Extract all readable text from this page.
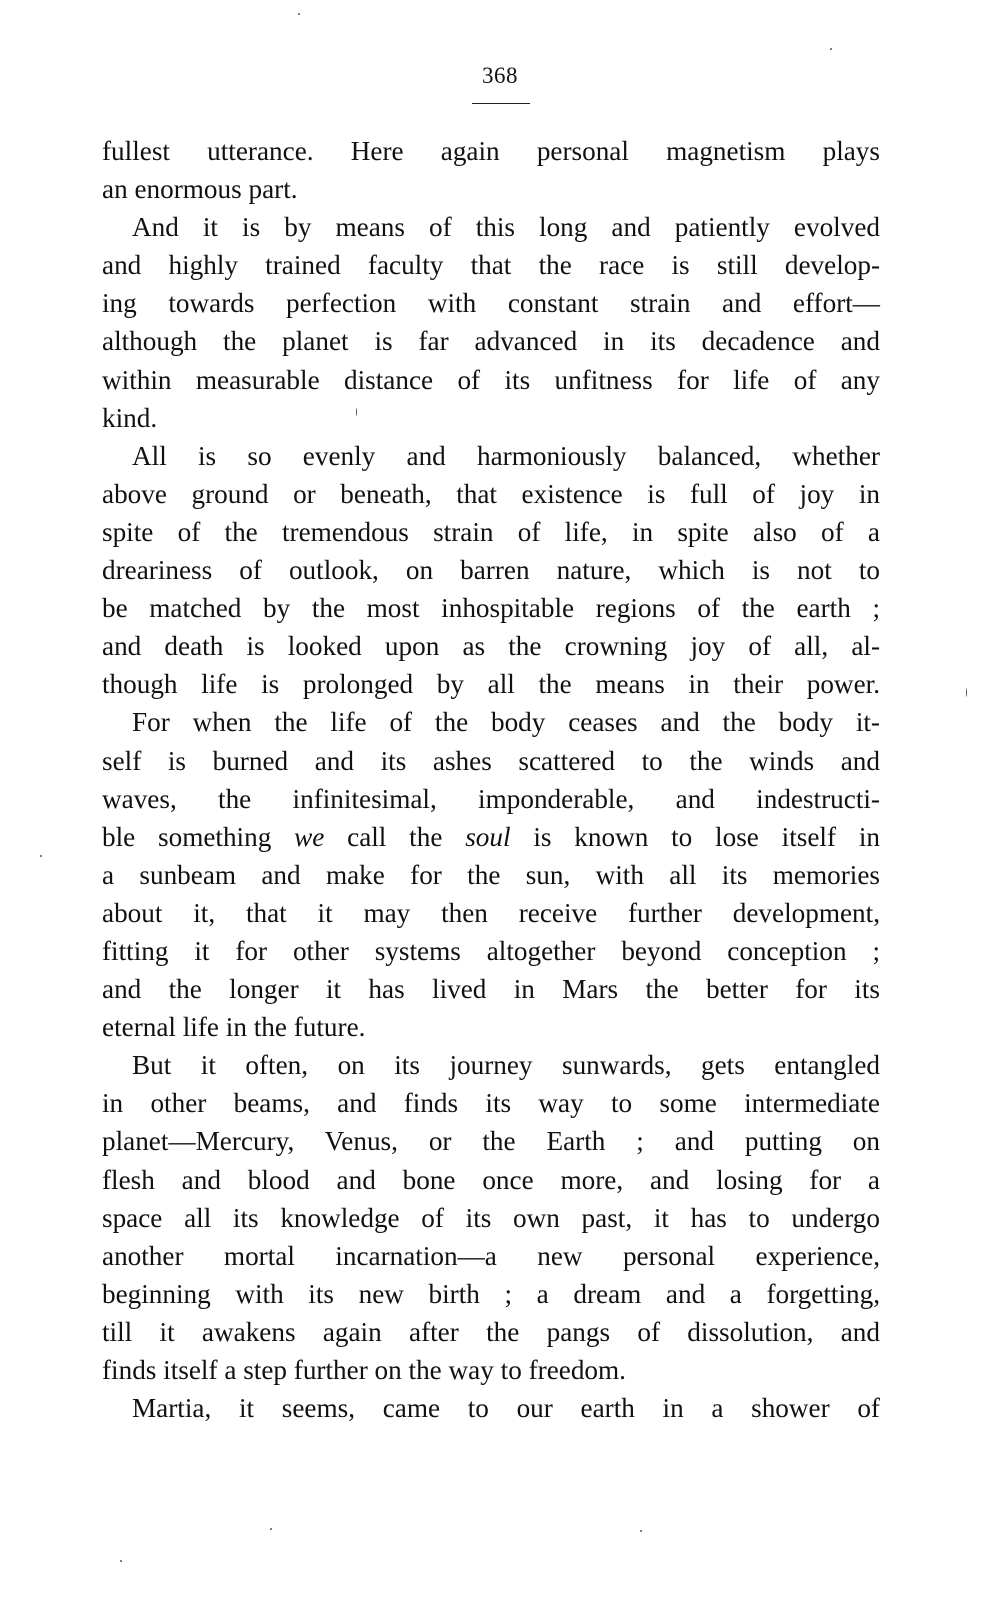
368

fullest utterance. Here again personal magnetism plays
an enormous part.

And it is by means of this long and patiently evolved
and highly trained faculty that the race is still develop-
ing towards perfection with constant strain and effort—
although the planet is far advanced in its decadence and
within measurable distance of its unfitness for life of any
kind.

All is so evenly and harmoniously balanced, whether
above ground or beneath, that existence is full of joy in
spite of the tremendous strain of life, in spite also of a
dreariness of outlook, on barren nature, which is not to
be matched by the most inhospitable regions of the earth ;
and death is looked upon as the crowning joy of all, al-
though life is prolonged by all the means in their power.

For when the life of the body ceases and the body it-
self is burned and its ashes scattered to the winds and
waves, the infinitesimal, imponderable, and indestructi-
ble something we call the soul is known to lose itself in
a sunbeam and make for the sun, with all its memories
about it, that it may then receive further development,
fitting it for other systems altogether beyond conception ;
and the longer it has lived in Mars the better for its
eternal life in the future.

But it often, on its journey sunwards, gets entangled
in other beams, and finds its way to some intermediate
planet—Mercury, Venus, or the Earth ; and putting on
flesh and blood and bone once more, and losing for a
space all its knowledge of its own past, it has to undergo
another mortal incarnation—a new personal experience,
beginning with its new birth ; a dream and a forgetting,
till it awakens again after the pangs of dissolution, and
finds itself a step further on the way to freedom.

Martia, it seems, came to our earth in a shower of
